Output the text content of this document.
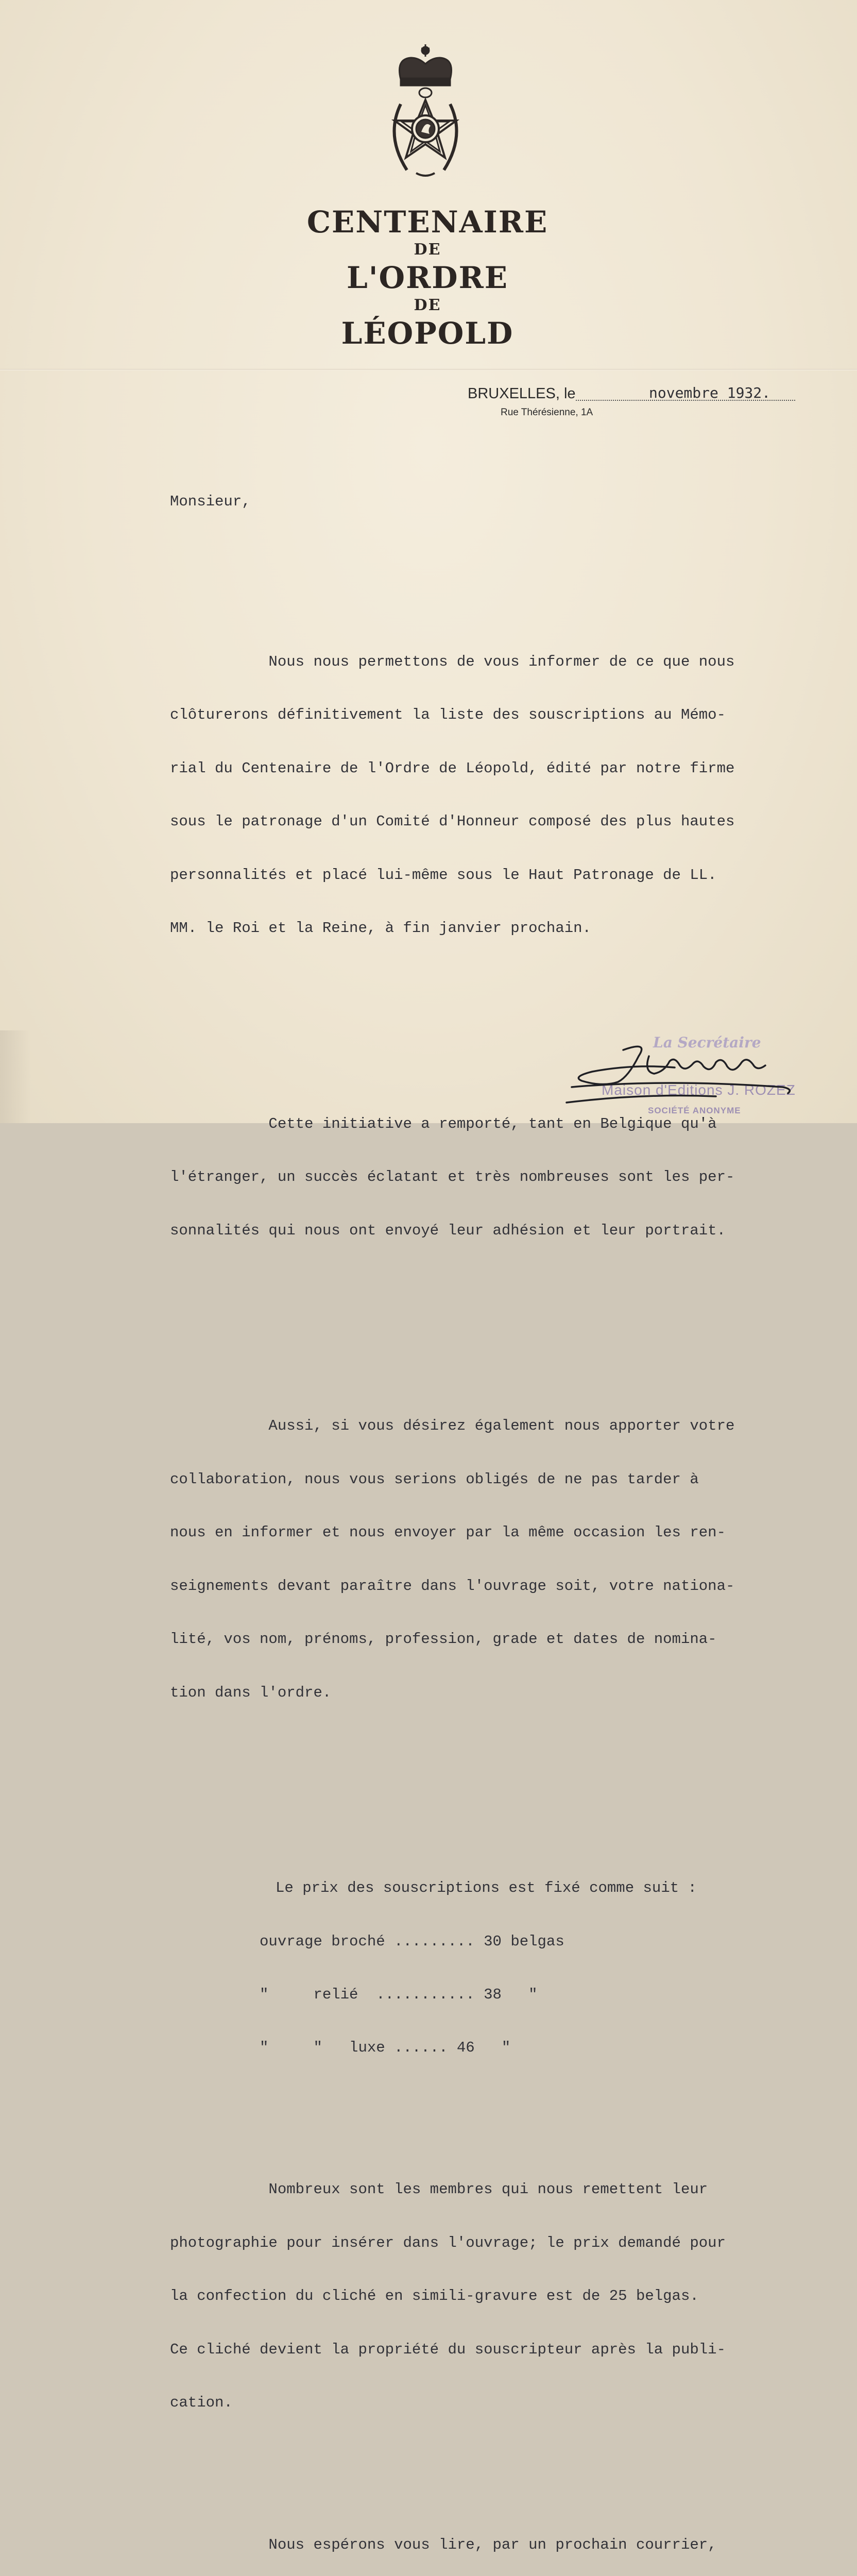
CENTENAIRE
DE
L'ORDRE
DE
LÉOPOLD
BRUXELLES, le	novembre 1932.
Rue Thérésienne, 1A

Monsieur,

Nous nous permettons de vous informer de ce que nous

clôturerons définitivement la liste des souscriptions au Mémo-

rial du Centenaire de l'Ordre de Léopold, édité par notre firme

sous le patronage d'un Comité d'Honneur composé des plus hautes

personnalités et placé lui-même sous le Haut Patronage de LL.

MM. le Roi et la Reine, à fin janvier prochain.

Cette initiative a remporté, tant en Belgique qu'à

l'étranger, un succès éclatant et très nombreuses sont les per-

sonnalités qui nous ont envoyé leur adhésion et leur portrait.

Aussi, si vous désirez également nous apporter votre

collaboration, nous vous serions obligés de ne pas tarder à

nous en informer et nous envoyer par la même occasion les ren-

seignements devant paraître dans l'ouvrage soit, votre nationa-

lité, vos nom, prénoms, profession, grade et dates de nomina-

tion dans l'ordre.

Le prix des souscriptions est fixé comme suit :

ouvrage broché ......... 30 belgas

"     relié  ........... 38   "

"     "   luxe ...... 46   "

Nombreux sont les membres qui nous remettent leur

photographie pour insérer dans l'ouvrage; le prix demandé pour

la confection du cliché en simili-gravure est de 25 belgas.

Ce cliché devient la propriété du souscripteur après la publi-

cation.

Nous espérons vous lire, par un prochain courrier,

La Secrétaire
Maison d'Editions J. ROZEZ
SOCIÉTÉ ANONYME
